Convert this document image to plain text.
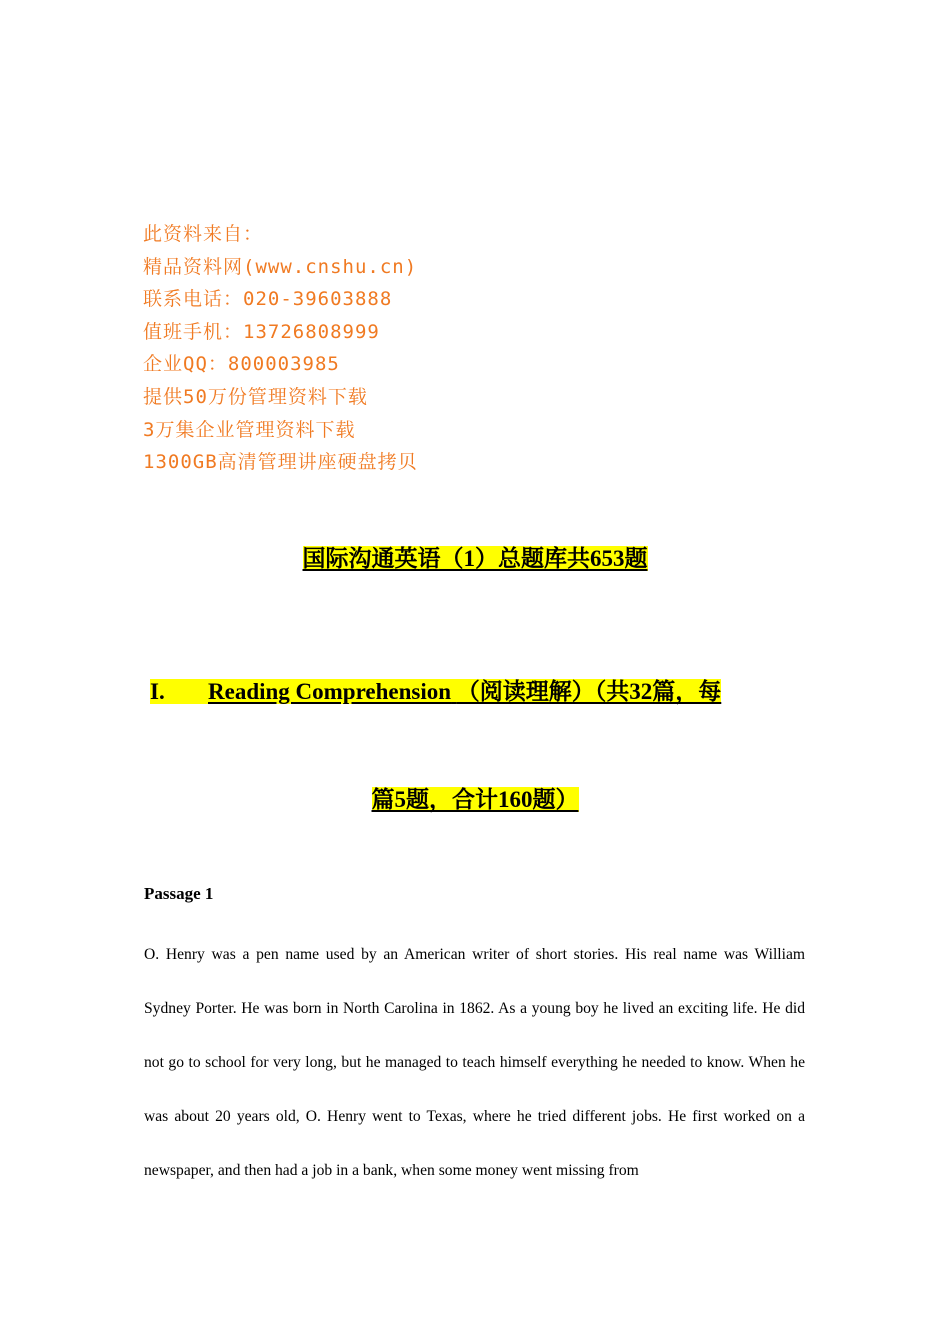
此资料来自：
精品资料网(www.cnshu.cn)
联系电话：020-39603888
值班手机：13726808999
企业QQ：800003985
提供50万份管理资料下载
3万集企业管理资料下载
1300GB高清管理讲座硬盘拷贝
国际沟通英语（1）总题库共653题
I. Reading Comprehension （阅读理解）（共32篇，每
篇5题，合计160题）
Passage 1
O. Henry was a pen name used by an American writer of short stories. His real name was William Sydney Porter. He was born in North Carolina in 1862. As a young boy he lived an exciting life. He did not go to school for very long, but he managed to teach himself everything he needed to know. When he was about 20 years old, O. Henry went to Texas, where he tried different jobs. He first worked on a newspaper, and then had a job in a bank, when some money went missing from
